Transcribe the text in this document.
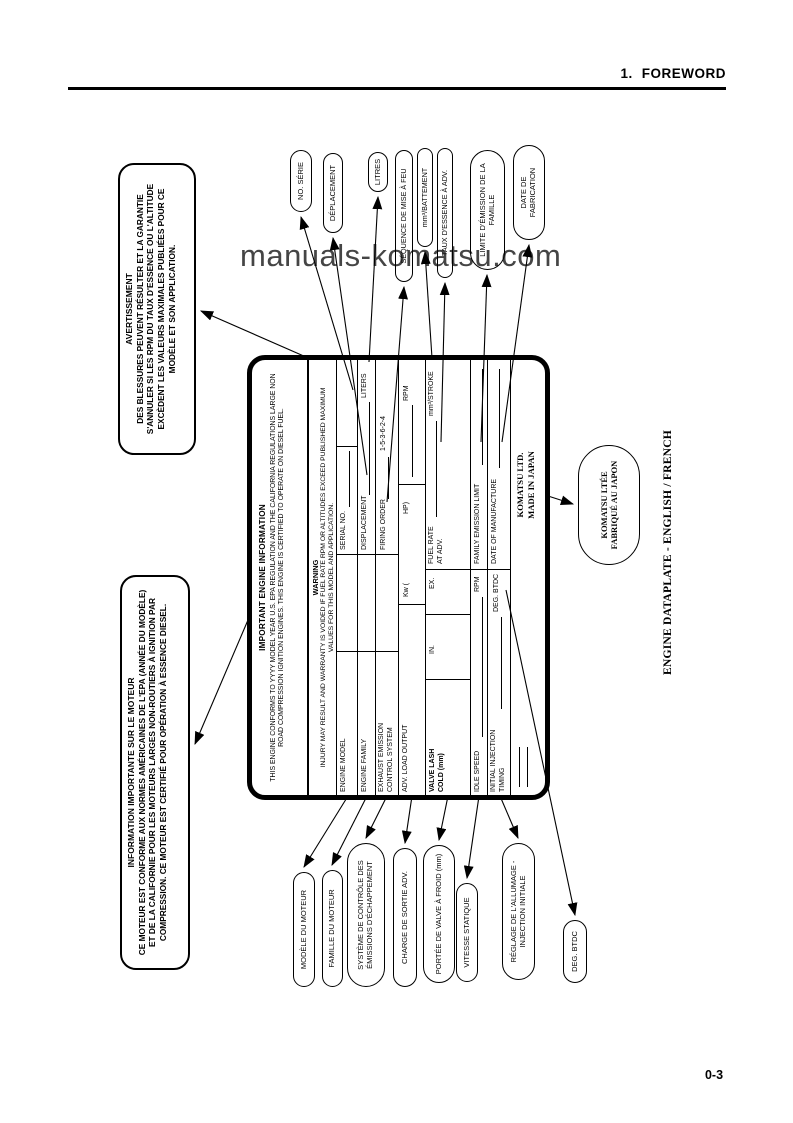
1. FOREWORD
INFORMATION IMPORTANTE SUR LE MOTEUR CE MOTEUR EST CONFORME AUX NORMES AMÉRICAINES DE L'EPA (ANNÉE DU MODÈLE) ET DE LA CALIFORNIE POUR LES MOTEURS LARGES NON-ROUTIERS À IGNITION PAR COMPRESSION. CE MOTEUR EST CERTIFIÉ POUR OPÉRATION À ESSENCE DIESEL.
AVERTISSEMENT DES BLESSURES PEUVENT RÉSULTER ET LA GARANTIE S'ANNULER SI LES RPM DU TAUX D'ESSENCE OU L'ALTITUDE EXCÈDENT LES VALEURS MAXIMALES PUBLIÉES POUR CE MODÈLE ET SON APPLICATION.
IMPORTANT ENGINE INFORMATION THIS ENGINE CONFORMS TO YYYY MODEL YEAR U.S. EPA REGULATION AND THE CALIFORNIA REGULATIONS LARGE NON ROAD COMPRESSION IGNITION ENGINES. THIS ENGINE IS CERTIFIED TO OPERATE ON DIESEL FUEL.	WARNING INJURY MAY RESULT AND WARRANTY IS VOIDED IF FUEL RATE RPM OR ALTITUDES EXCEED PUBLISHED MAXIMUM VALUES FOR THIS MODEL AND APPLICATION.
ENGINE MODEL
SERIAL NO.
ENGINE FAMILY
DISPLACEMENT
LITERS
EXHAUST EMISSION CONTROL SYSTEM
FIRING ORDER
1-5-3-6-2-4
ADV. LOAD OUTPUT
Kw (
HP)
RPM
VALVE LASH COLD (mm)
IN.
EX.
FUEL RATE AT ADV.
mm³/STROKE
IDLE SPEED
RPM
FAMILY EMISSION LIMIT
INITIAL INJECTION TIMING
DEG. BTDC
DATE OF MANUFACTURE KOMATSU LTD. MADE IN JAPAN	KOMATSU LTÉE FABRIQUÉ AU JAPON
NO. SÉRIE	DÉPLACEMENT	LITRES	SÉQUENCE DE MISE À FEU	mm³/BATTEMENT	TAUX D'ESSENCE À ADV.	LIMITE D'ÉMISSION DE LA FAMILLE
DATE DE FABRICATION
MODÈLE DU MOTEUR	FAMILLE DU MOTEUR	SYSTÈME DE CONTRÔLE DES ÉMISSIONS D'ÉCHAPPEMENT	CHARGE DE SORTIE ADV.	PORTÉE DE VALVE À FROID (mm)	VITESSE STATIQUE	RÉGLAGE DE L'ALLUMAGE - INJECTION INITIALE
DEG. BTDC
ENGINE DATAPLATE - ENGLISH / FRENCH
manuals-komatsu.com
0-3
